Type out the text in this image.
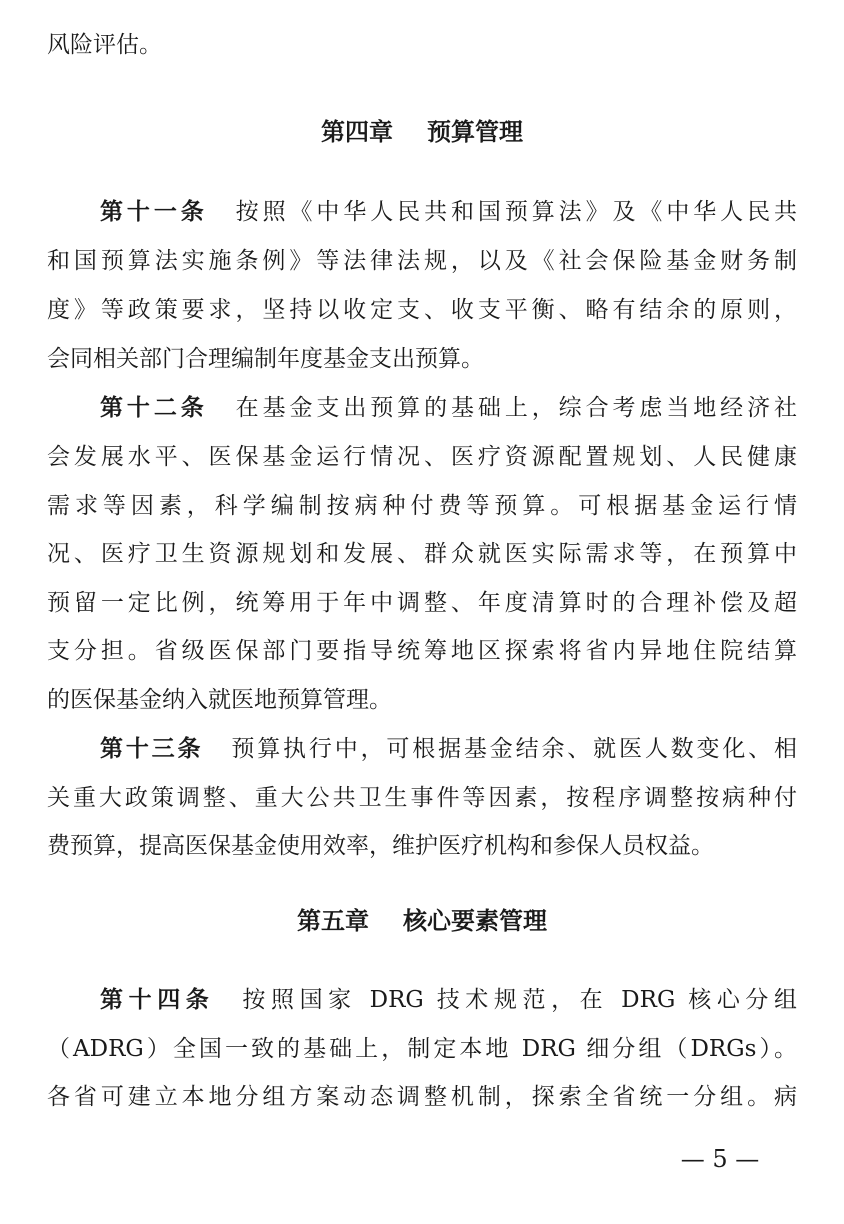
风险评估。
第四章 预算管理
第十一条 按照《中华人民共和国预算法》及《中华人民共
和国预算法实施条例》等法律法规，以及《社会保险基金财务制
度》等政策要求，坚持以收定支、收支平衡、略有结余的原则，
会同相关部门合理编制年度基金支出预算。
第十二条 在基金支出预算的基础上，综合考虑当地经济社
会发展水平、医保基金运行情况、医疗资源配置规划、人民健康
需求等因素，科学编制按病种付费等预算。可根据基金运行情
况、医疗卫生资源规划和发展、群众就医实际需求等，在预算中
预留一定比例，统筹用于年中调整、年度清算时的合理补偿及超
支分担。省级医保部门要指导统筹地区探索将省内异地住院结算
的医保基金纳入就医地预算管理。
第十三条 预算执行中，可根据基金结余、就医人数变化、相
关重大政策调整、重大公共卫生事件等因素，按程序调整按病种付
费预算，提高医保基金使用效率，维护医疗机构和参保人员权益。
第五章 核心要素管理
第十四条 按照国家 DRG 技术规范，在 DRG 核心分组
（ADRG）全国一致的基础上，制定本地 DRG 细分组（DRGs）。
各省可建立本地分组方案动态调整机制，探索全省统一分组。病
— 5 —
